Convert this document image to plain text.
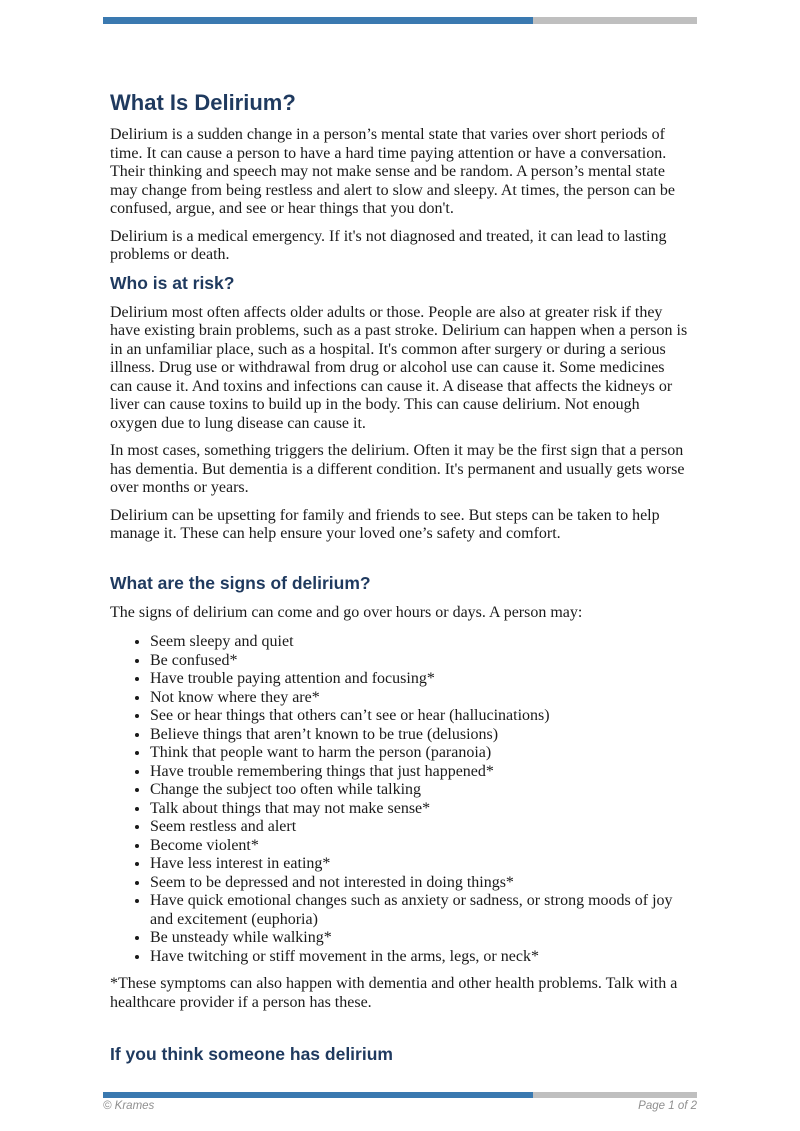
What Is Delirium?

Delirium is a sudden change in a person’s mental state that varies over short periods of time. It can cause a person to have a hard time paying attention or have a conversation. Their thinking and speech may not make sense and be random. A person’s mental state may change from being restless and alert to slow and sleepy. At times, the person can be confused, argue, and see or hear things that you don't.

Delirium is a medical emergency. If it's not diagnosed and treated, it can lead to lasting problems or death.

Who is at risk?

Delirium most often affects older adults or those. People are also at greater risk if they have existing brain problems, such as a past stroke. Delirium can happen when a person is in an unfamiliar place, such as a hospital. It's common after surgery or during a serious illness. Drug use or withdrawal from drug or alcohol use can cause it. Some medicines can cause it. And toxins and infections can cause it. A disease that affects the kidneys or liver can cause toxins to build up in the body. This can cause delirium. Not enough oxygen due to lung disease can cause it.

In most cases, something triggers the delirium. Often it may be the first sign that a person has dementia. But dementia is a different condition. It's permanent and usually gets worse over months or years.

Delirium can be upsetting for family and friends to see. But steps can be taken to help manage it. These can help ensure your loved one’s safety and comfort.

What are the signs of delirium?

The signs of delirium can come and go over hours or days. A person may:

• Seem sleepy and quiet
• Be confused*
• Have trouble paying attention and focusing*
• Not know where they are*
• See or hear things that others can’t see or hear (hallucinations)
• Believe things that aren’t known to be true (delusions)
• Think that people want to harm the person (paranoia)
• Have trouble remembering things that just happened*
• Change the subject too often while talking
• Talk about things that may not make sense*
• Seem restless and alert
• Become violent*
• Have less interest in eating*
• Seem to be depressed and not interested in doing things*
• Have quick emotional changes such as anxiety or sadness, or strong moods of joy and excitement (euphoria)
• Be unsteady while walking*
• Have twitching or stiff movement in the arms, legs, or neck*

*These symptoms can also happen with dementia and other health problems. Talk with a healthcare provider if a person has these.

If you think someone has delirium
© Krames	Page 1 of 2
